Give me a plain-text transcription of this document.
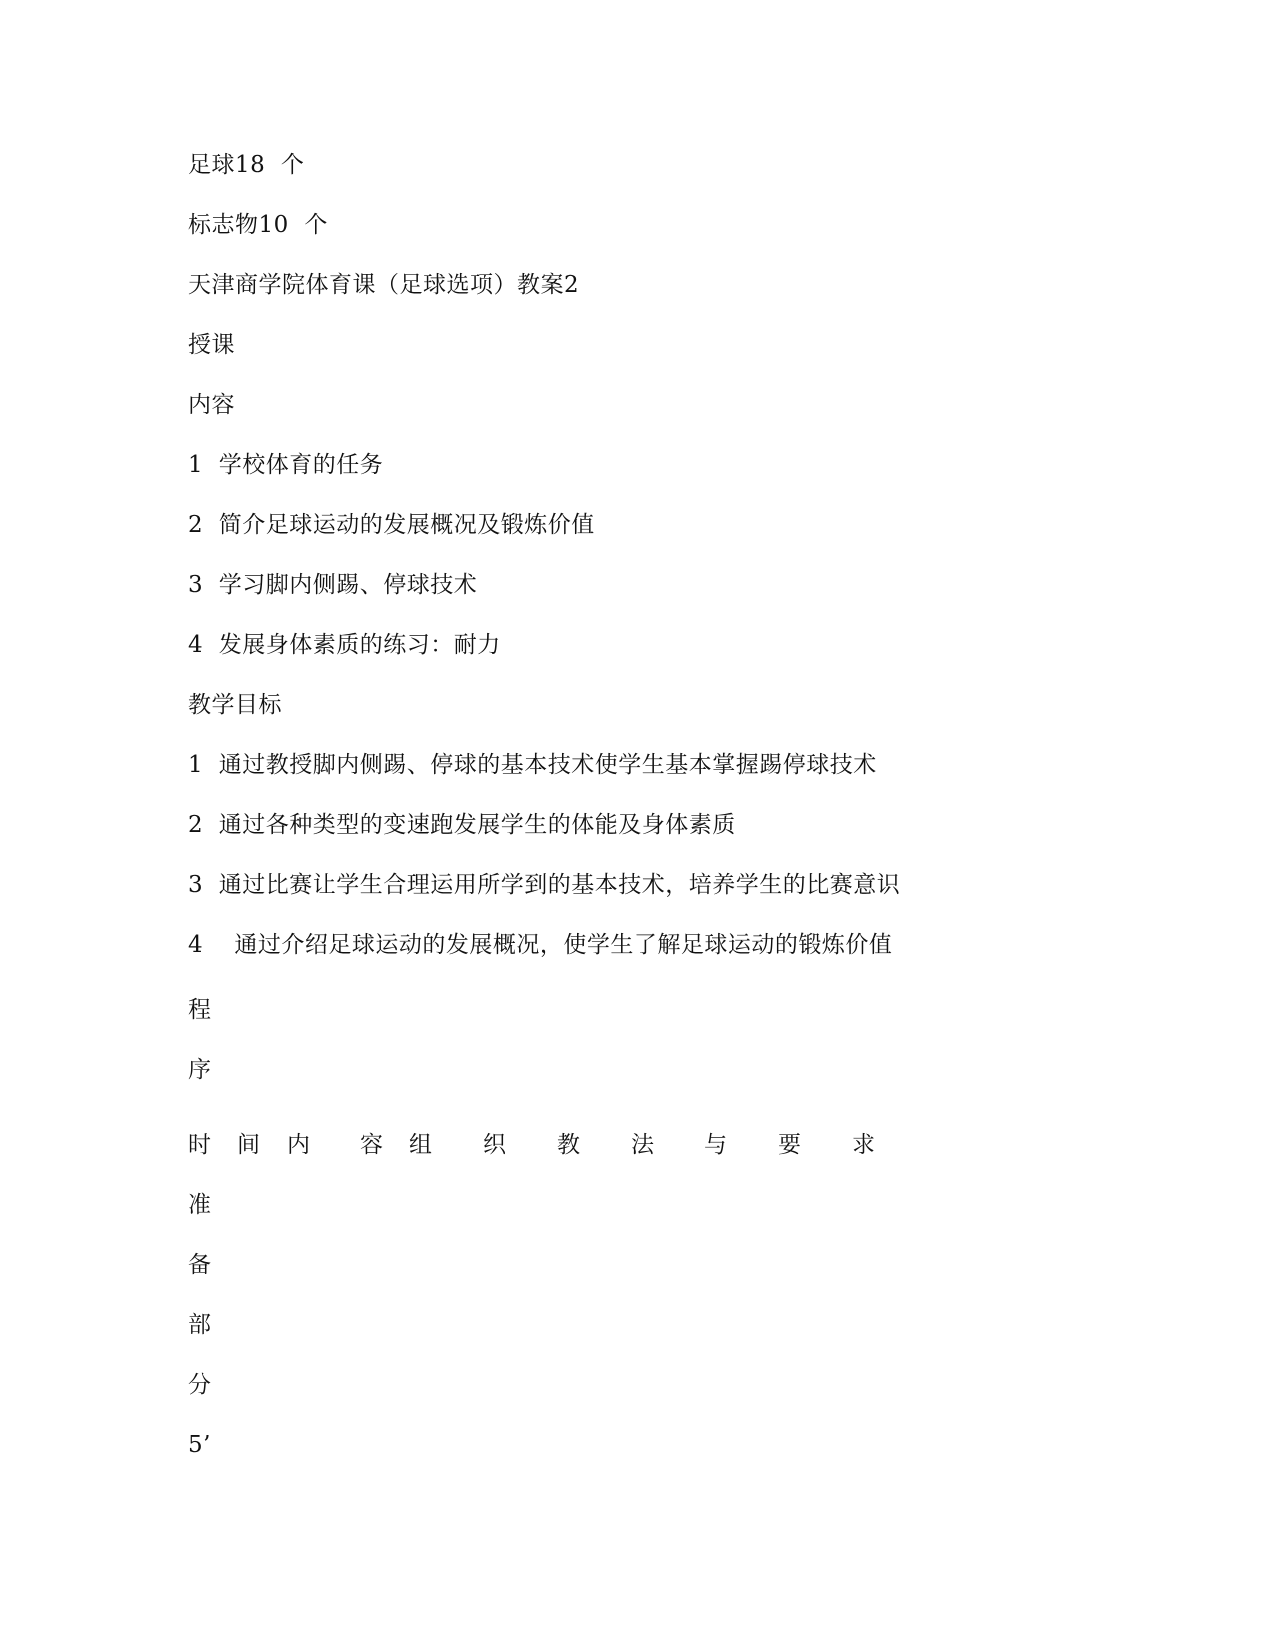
足球18  个
标志物10  个
天津商学院体育课（足球选项）教案2
授课
内容
1  学校体育的任务
2  简介足球运动的发展概况及锻炼价值
3  学习脚内侧踢、停球技术
4  发展身体素质的练习：耐力
教学目标
1  通过教授脚内侧踢、停球的基本技术使学生基本掌握踢停球技术
2  通过各种类型的变速跑发展学生的体能及身体素质
3  通过比赛让学生合理运用所学到的基本技术，培养学生的比赛意识
4    通过介绍足球运动的发展概况，使学生了解足球运动的锻炼价值
程
序
时 间 内 容 组 织 教 法 与 要 求
准
备
部
分
5’
